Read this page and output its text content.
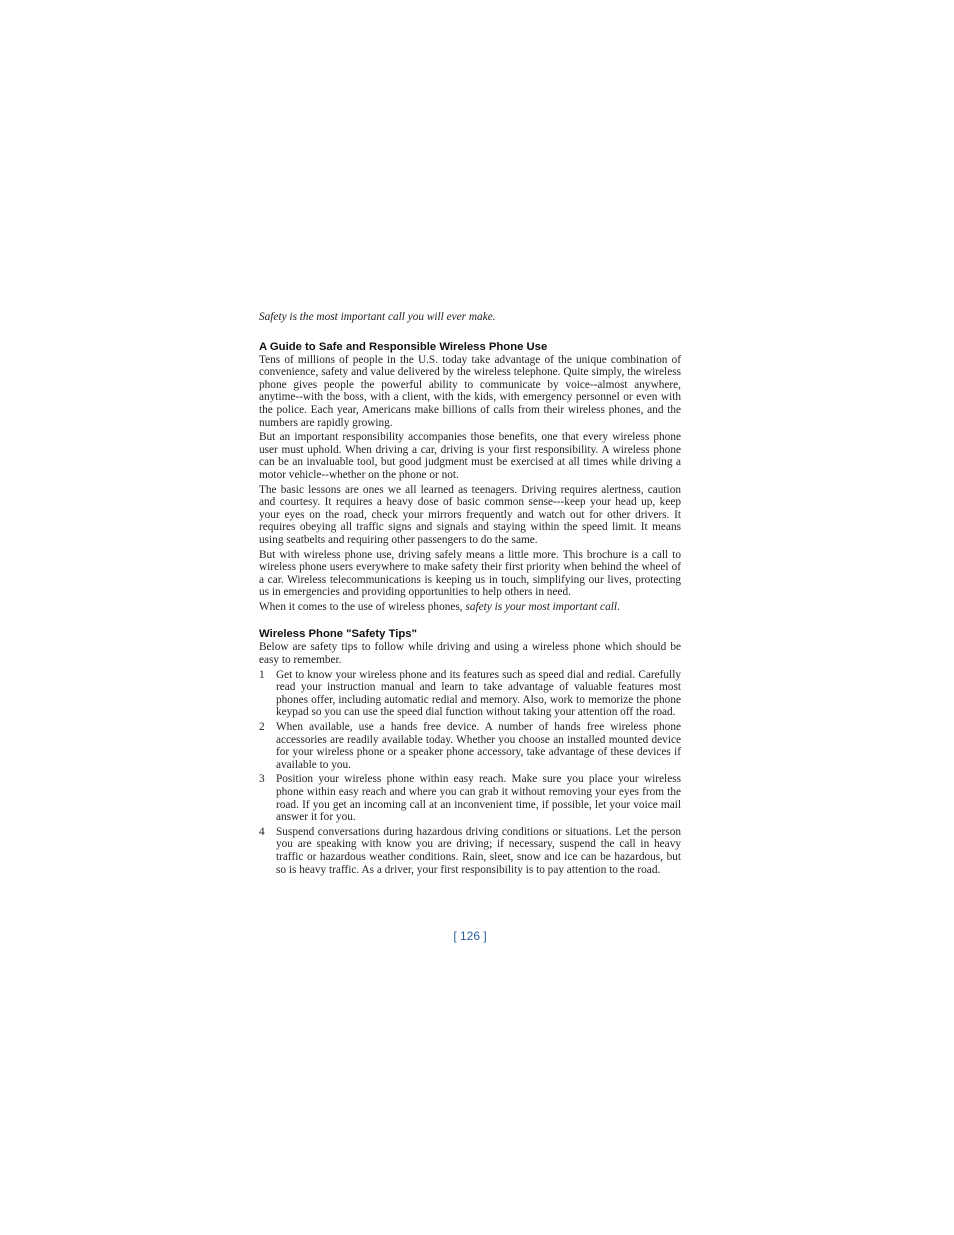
Safety is the most important call you will ever make.

A Guide to Safe and Responsible Wireless Phone Use

Tens of millions of people in the U.S. today take advantage of the unique combination of convenience, safety and value delivered by the wireless telephone. Quite simply, the wireless phone gives people the powerful ability to communicate by voice--almost anywhere, anytime--with the boss, with a client, with the kids, with emergency personnel or even with the police. Each year, Americans make billions of calls from their wireless phones, and the numbers are rapidly growing.

But an important responsibility accompanies those benefits, one that every wireless phone user must uphold. When driving a car, driving is your first responsibility. A wireless phone can be an invaluable tool, but good judgment must be exercised at all times while driving a motor vehicle--whether on the phone or not.

The basic lessons are ones we all learned as teenagers. Driving requires alertness, caution and courtesy. It requires a heavy dose of basic common sense---keep your head up, keep your eyes on the road, check your mirrors frequently and watch out for other drivers. It requires obeying all traffic signs and signals and staying within the speed limit. It means using seatbelts and requiring other passengers to do the same.

But with wireless phone use, driving safely means a little more. This brochure is a call to wireless phone users everywhere to make safety their first priority when behind the wheel of a car. Wireless telecommunications is keeping us in touch, simplifying our lives, protecting us in emergencies and providing opportunities to help others in need.

When it comes to the use of wireless phones, safety is your most important call.

Wireless Phone "Safety Tips"

Below are safety tips to follow while driving and using a wireless phone which should be easy to remember.

1	Get to know your wireless phone and its features such as speed dial and redial. Carefully read your instruction manual and learn to take advantage of valuable features most phones offer, including automatic redial and memory. Also, work to memorize the phone keypad so you can use the speed dial function without taking your attention off the road.
2	When available, use a hands free device. A number of hands free wireless phone accessories are readily available today. Whether you choose an installed mounted device for your wireless phone or a speaker phone accessory, take advantage of these devices if available to you.
3	Position your wireless phone within easy reach. Make sure you place your wireless phone within easy reach and where you can grab it without removing your eyes from the road. If you get an incoming call at an inconvenient time, if possible, let your voice mail answer it for you.
4	Suspend conversations during hazardous driving conditions or situations. Let the person you are speaking with know you are driving; if necessary, suspend the call in heavy traffic or hazardous weather conditions. Rain, sleet, snow and ice can be hazardous, but so is heavy traffic. As a driver, your first responsibility is to pay attention to the road.
[ 126 ]
